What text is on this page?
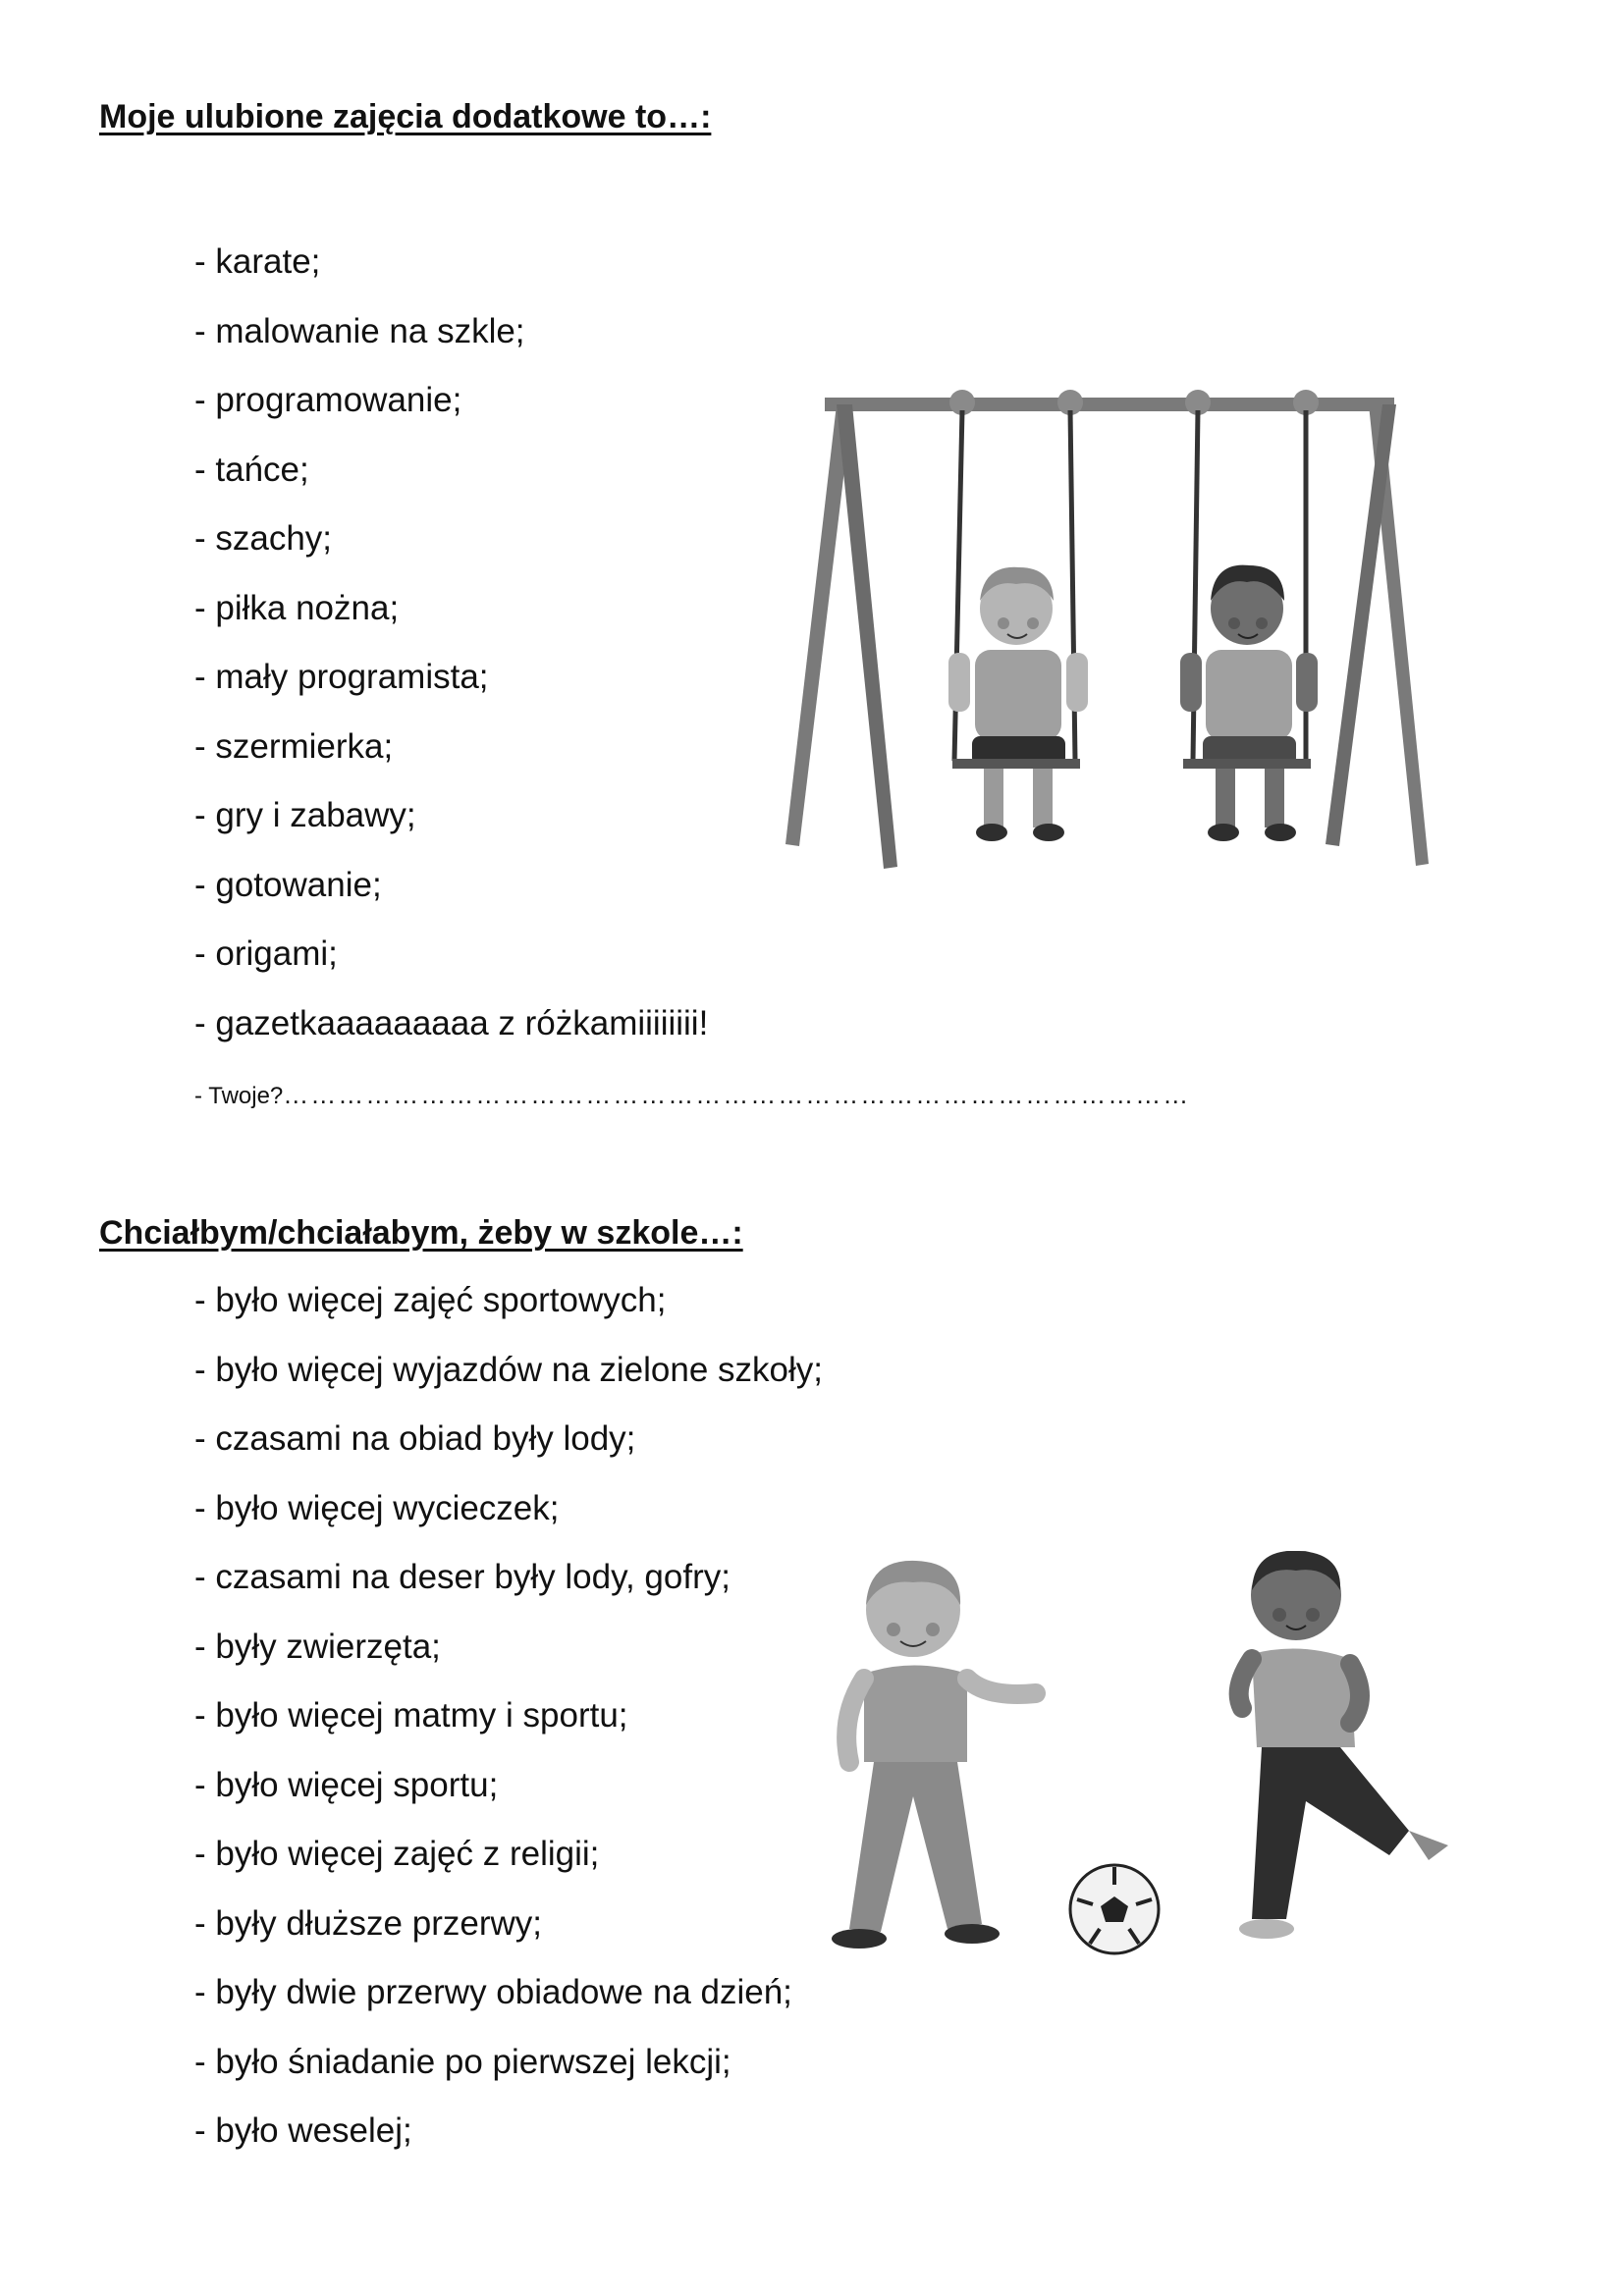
Moje ulubione zajęcia dodatkowe to…:
- karate;
- malowanie na szkle;
- programowanie;
- tańce;
- szachy;
- piłka nożna;
- mały programista;
- szermierka;
- gry i zabawy;
- gotowanie;
- origami;
- gazetkaaaaaaaaa z różkamiiiiiiii!
- Twoje?………………………………………………………………………………………
Chciałbym/chciałabym, żeby w szkole…:
- było więcej zajęć sportowych;
- było więcej wyjazdów na zielone szkoły;
- czasami na obiad były lody;
- było więcej wycieczek;
- czasami na deser były lody, gofry;
- były zwierzęta;
- było więcej matmy i sportu;
- było więcej sportu;
- było więcej zajęć z religii;
- były dłuższe przerwy;
- były dwie przerwy obiadowe na dzień;
- było śniadanie po pierwszej lekcji;
- było weselej;
